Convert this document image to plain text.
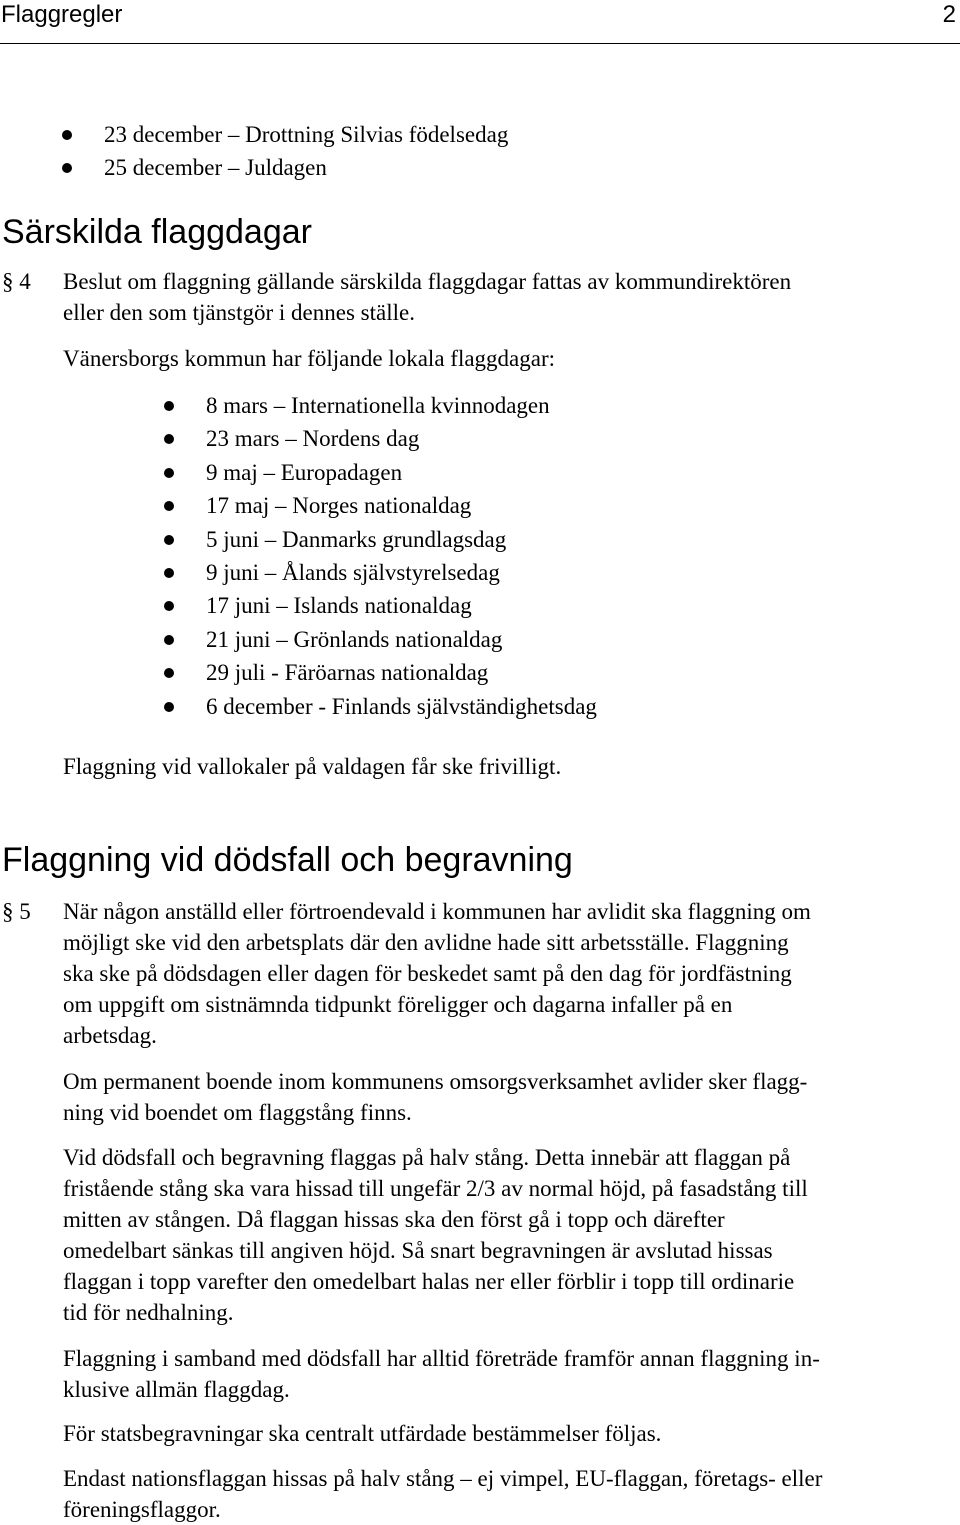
Flaggregler	2
23 december – Drottning Silvias födelsedag
25 december – Juldagen
Särskilda flaggdagar
§ 4 Beslut om flaggning gällande särskilda flaggdagar fattas av kommundirektören
eller den som tjänstgör i dennes ställe.
Vänersborgs kommun har följande lokala flaggdagar:
8 mars – Internationella kvinnodagen
23 mars – Nordens dag
9 maj – Europadagen
17 maj – Norges nationaldag
5 juni – Danmarks grundlagsdag
9 juni – Ålands självstyrelsedag
17 juni – Islands nationaldag
21 juni – Grönlands nationaldag
29 juli - Färöarnas nationaldag
6 december - Finlands självständighetsdag
Flaggning vid vallokaler på valdagen får ske frivilligt.
Flaggning vid dödsfall och begravning
§ 5 När någon anställd eller förtroendevald i kommunen har avlidit ska flaggning om
möjligt ske vid den arbetsplats där den avlidne hade sitt arbetsställe. Flaggning
ska ske på dödsdagen eller dagen för beskedet samt på den dag för jordfästning
om uppgift om sistnämnda tidpunkt föreligger och dagarna infaller på en
arbetsdag.
Om permanent boende inom kommunens omsorgsverksamhet avlider sker flagg-
ning vid boendet om flaggstång finns.
Vid dödsfall och begravning flaggas på halv stång. Detta innebär att flaggan på
fristående stång ska vara hissad till ungefär 2/3 av normal höjd, på fasadstång till
mitten av stången. Då flaggan hissas ska den först gå i topp och därefter
omedelbart sänkas till angiven höjd. Så snart begravningen är avslutad hissas
flaggan i topp varefter den omedelbart halas ner eller förblir i topp till ordinarie
tid för nedhalning.
Flaggning i samband med dödsfall har alltid företräde framför annan flaggning in-
klusive allmän flaggdag.
För statsbegravningar ska centralt utfärdade bestämmelser följas.
Endast nationsflaggan hissas på halv stång – ej vimpel, EU-flaggan, företags- eller
föreningsflaggor.
